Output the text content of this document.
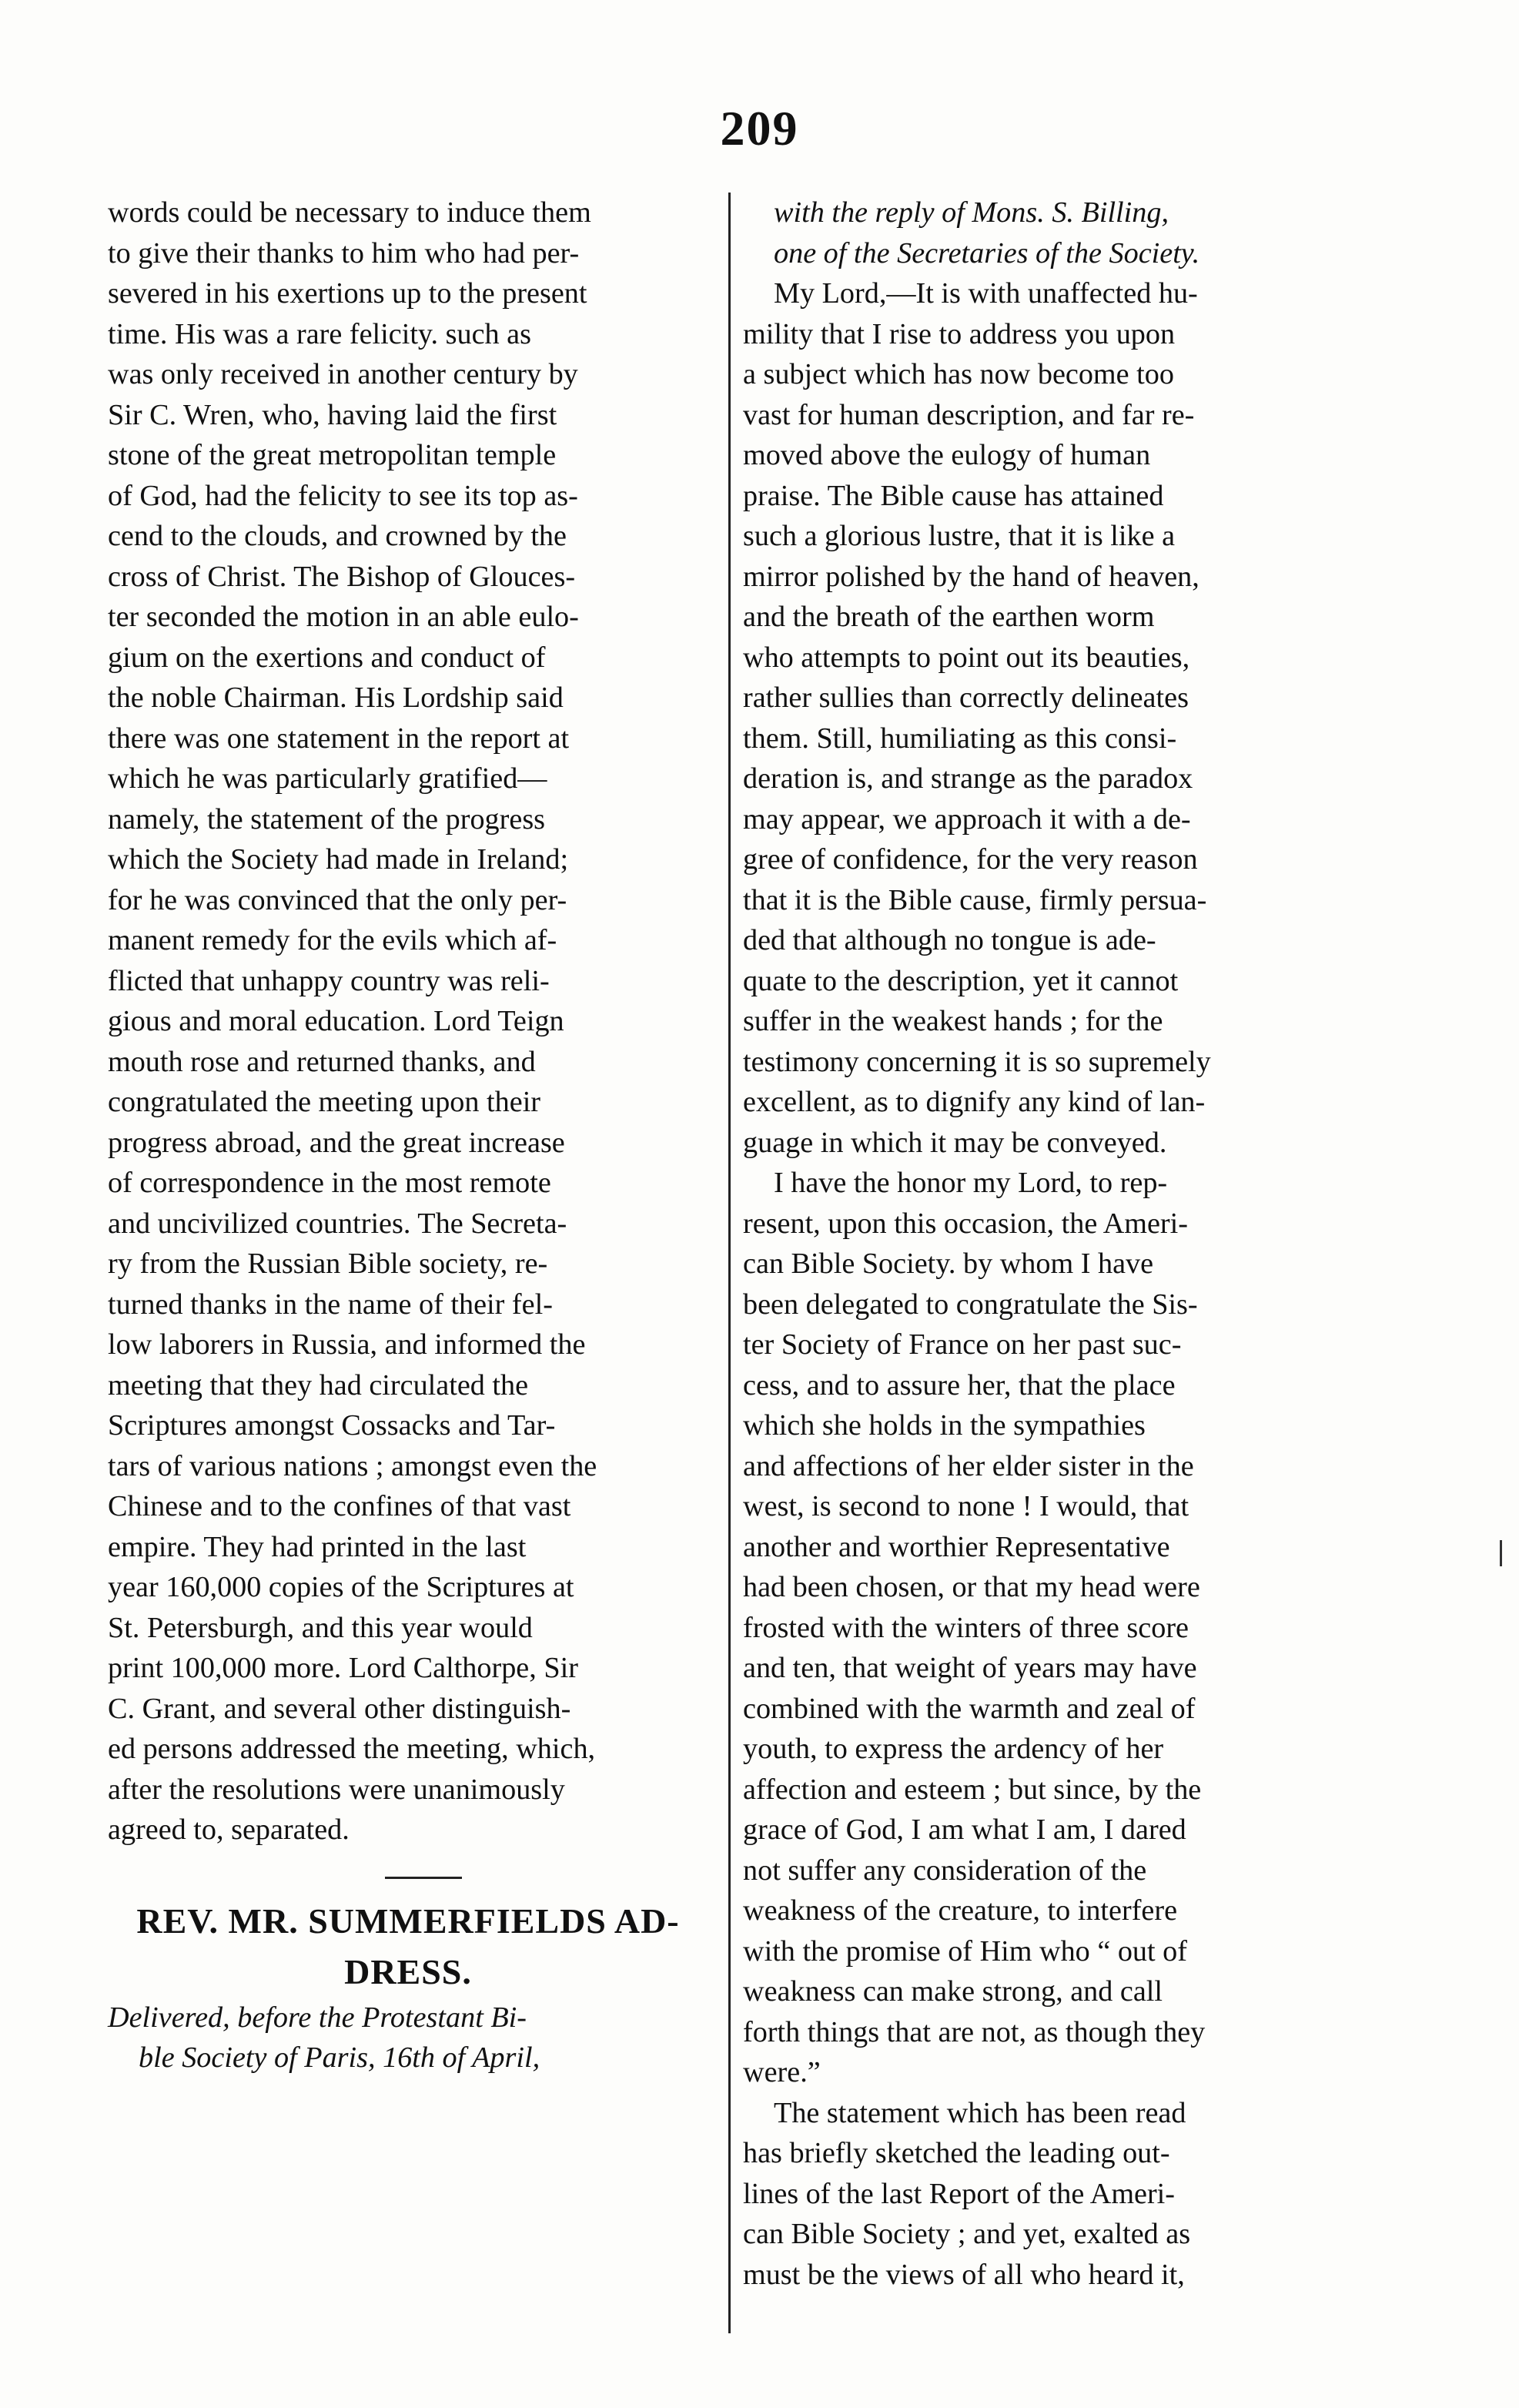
209
words could be necessary to induce them
to give their thanks to him who had per-
severed in his exertions up to the present
time. His was a rare felicity. such as
was only received in another century by
Sir C. Wren, who, having laid the first
stone of the great metropolitan temple
of God, had the felicity to see its top as-
cend to the clouds, and crowned by the
cross of Christ. The Bishop of Glouces-
ter seconded the motion in an able eulo-
gium on the exertions and conduct of
the noble Chairman. His Lordship said
there was one statement in the report at
which he was particularly gratified—
namely, the statement of the progress
which the Society had made in Ireland;
for he was convinced that the only per-
manent remedy for the evils which af-
flicted that unhappy country was reli-
gious and moral education. Lord Teign
mouth rose and returned thanks, and
congratulated the meeting upon their
progress abroad, and the great increase
of correspondence in the most remote
and uncivilized countries. The Secreta-
ry from the Russian Bible society, re-
turned thanks in the name of their fel-
low laborers in Russia, and informed the
meeting that they had circulated the
Scriptures amongst Cossacks and Tar-
tars of various nations ; amongst even the
Chinese and to the confines of that vast
empire. They had printed in the last
year 160,000 copies of the Scriptures at
St. Petersburgh, and this year would
print 100,000 more. Lord Calthorpe, Sir
C. Grant, and several other distinguish-
ed persons addressed the meeting, which,
after the resolutions were unanimously
agreed to, separated.
REV. MR. SUMMERFIELDS AD-
DRESS.
Delivered, before the Protestant Bi-
ble Society of Paris, 16th of April,
with the reply of Mons. S. Billing,
one of the Secretaries of the Society.
My Lord,—It is with unaffected hu-
mility that I rise to address you upon
a subject which has now become too
vast for human description, and far re-
moved above the eulogy of human
praise. The Bible cause has attained
such a glorious lustre, that it is like a
mirror polished by the hand of heaven,
and the breath of the earthen worm
who attempts to point out its beauties,
rather sullies than correctly delineates
them. Still, humiliating as this consi-
deration is, and strange as the paradox
may appear, we approach it with a de-
gree of confidence, for the very reason
that it is the Bible cause, firmly persua-
ded that although no tongue is ade-
quate to the description, yet it cannot
suffer in the weakest hands ; for the
testimony concerning it is so supremely
excellent, as to dignify any kind of lan-
guage in which it may be conveyed.
I have the honor my Lord, to rep-
resent, upon this occasion, the Ameri-
can Bible Society. by whom I have
been delegated to congratulate the Sis-
ter Society of France on her past suc-
cess, and to assure her, that the place
which she holds in the sympathies
and affections of her elder sister in the
west, is second to none ! I would, that
another and worthier Representative
had been chosen, or that my head were
frosted with the winters of three score
and ten, that weight of years may have
combined with the warmth and zeal of
youth, to express the ardency of her
affection and esteem ; but since, by the
grace of God, I am what I am, I dared
not suffer any consideration of the
weakness of the creature, to interfere
with the promise of Him who “ out of
weakness can make strong, and call
forth things that are not, as though they
were.”
The statement which has been read
has briefly sketched the leading out-
lines of the last Report of the Ameri-
can Bible Society ; and yet, exalted as
must be the views of all who heard it,
